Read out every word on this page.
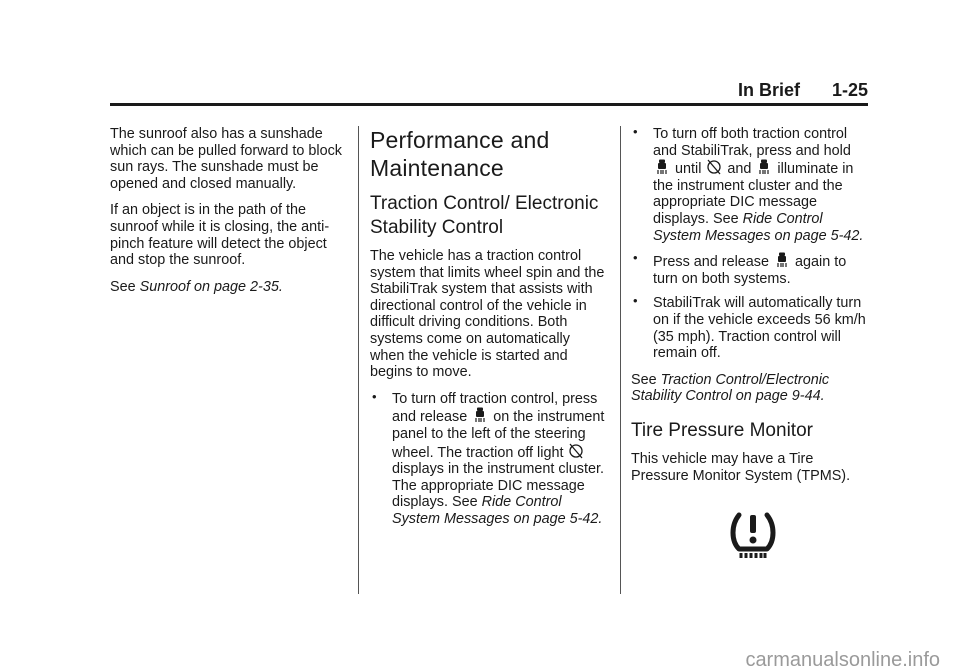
In Brief 1-25

The sunroof also has a sunshade which can be pulled forward to block sun rays. The sunshade must be opened and closed manually.

If an object is in the path of the sunroof while it is closing, the anti-pinch feature will detect the object and stop the sunroof.

See Sunroof on page 2-35.

Performance and Maintenance
Traction Control/ Electronic Stability Control

The vehicle has a traction control system that limits wheel spin and the StabiliTrak system that assists with directional control of the vehicle in difficult driving conditions. Both systems come on automatically when the vehicle is started and begins to move.

• To turn off traction control, press and release  on the instrument panel to the left of the steering wheel. The traction off light  displays in the instrument cluster. The appropriate DIC message displays. See Ride Control System Messages on page 5-42.
• To turn off both traction control and StabiliTrak, press and hold  until  and  illuminate in the instrument cluster and the appropriate DIC message displays. See Ride Control System Messages on page 5-42.
• Press and release  again to turn on both systems.
• StabiliTrak will automatically turn on if the vehicle exceeds 56 km/h (35 mph). Traction control will remain off.

See Traction Control/Electronic Stability Control on page 9-44.

Tire Pressure Monitor

This vehicle may have a Tire Pressure Monitor System (TPMS).

carmanualsonline.info
